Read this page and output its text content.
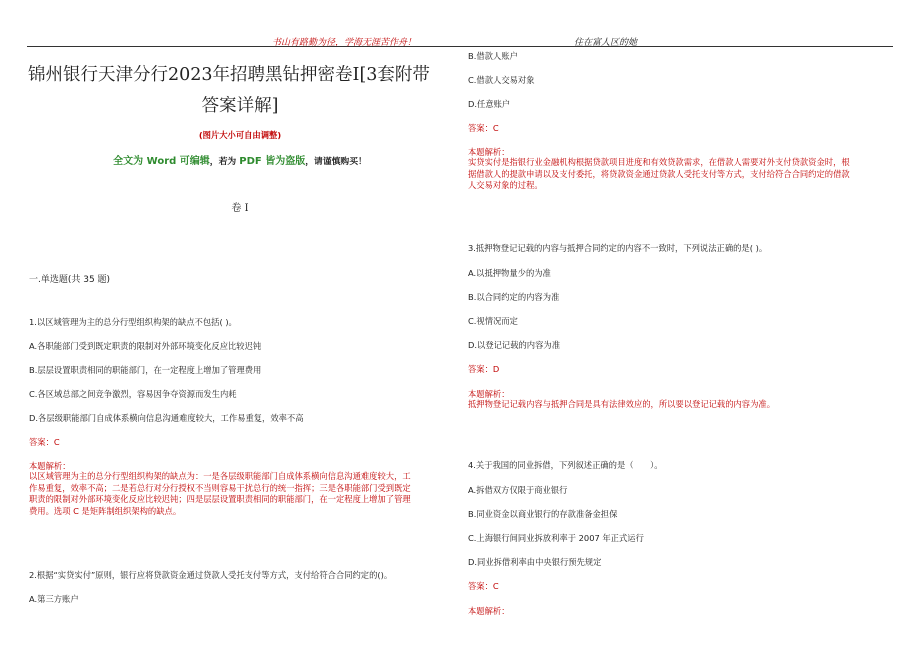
书山有路勤为径，学海无涯苦作舟！	住在富人区的她
锦州银行天津分行2023年招聘黑钻押密卷I[3套附带
答案详解]
(图片大小可自由调整)
全文为 Word 可编辑，若为 PDF 皆为盗版，请谨慎购买！
卷 I
一.单选题(共 35 题)
1.以区域管理为主的总分行型组织构架的缺点不包括( )。
A.各职能部门受到既定职责的限制对外部环境变化反应比较迟钝
B.层层设置职责相同的职能部门，在一定程度上增加了管理费用
C.各区域总部之间竞争激烈，容易因争夺资源而发生内耗
D.各层级职能部门自成体系横向信息沟通难度较大，工作易重复，效率不高
答案：C
本题解析：
以区域管理为主的总分行型组织构架的缺点为：一是各层级职能部门自成体系横向信息沟通难度较大，工
作易重复，效率不高；二是若总行对分行授权不当则容易干扰总行的统一指挥；三是各职能部门受到既定
职责的限制对外部环境变化反应比较迟钝；四是层层设置职责相同的职能部门，在一定程度上增加了管理
费用。选项 C 是矩阵制组织架构的缺点。
2.根据“实贷实付”原则，银行应将贷款资金通过贷款人受托支付等方式，支付给符合合同约定的()。
A.第三方账户
B.借款人账户
C.借款人交易对象
D.任意账户
答案：C
本题解析：
实贷实付是指银行业金融机构根据贷款项目进度和有效贷款需求，在借款人需要对外支付贷款资金时，根
据借款人的提款申请以及支付委托，将贷款资金通过贷款人受托支付等方式，支付给符合合同约定的借款
人交易对象的过程。
3.抵押物登记记载的内容与抵押合同约定的内容不一致时，下列说法正确的是( )。
A.以抵押物量少的为准
B.以合同约定的内容为准
C.视情况而定
D.以登记记载的内容为准
答案：D
本题解析：
抵押物登记记载内容与抵押合同是具有法律效应的，所以要以登记记载的内容为准。
4.关于我国的同业拆借，下列叙述正确的是（　　）。
A.拆借双方仅限于商业银行
B.同业资金以商业银行的存款准备金担保
C.上海银行间同业拆放利率于 2007 年正式运行
D.同业拆借利率由中央银行预先规定
答案：C
本题解析：
